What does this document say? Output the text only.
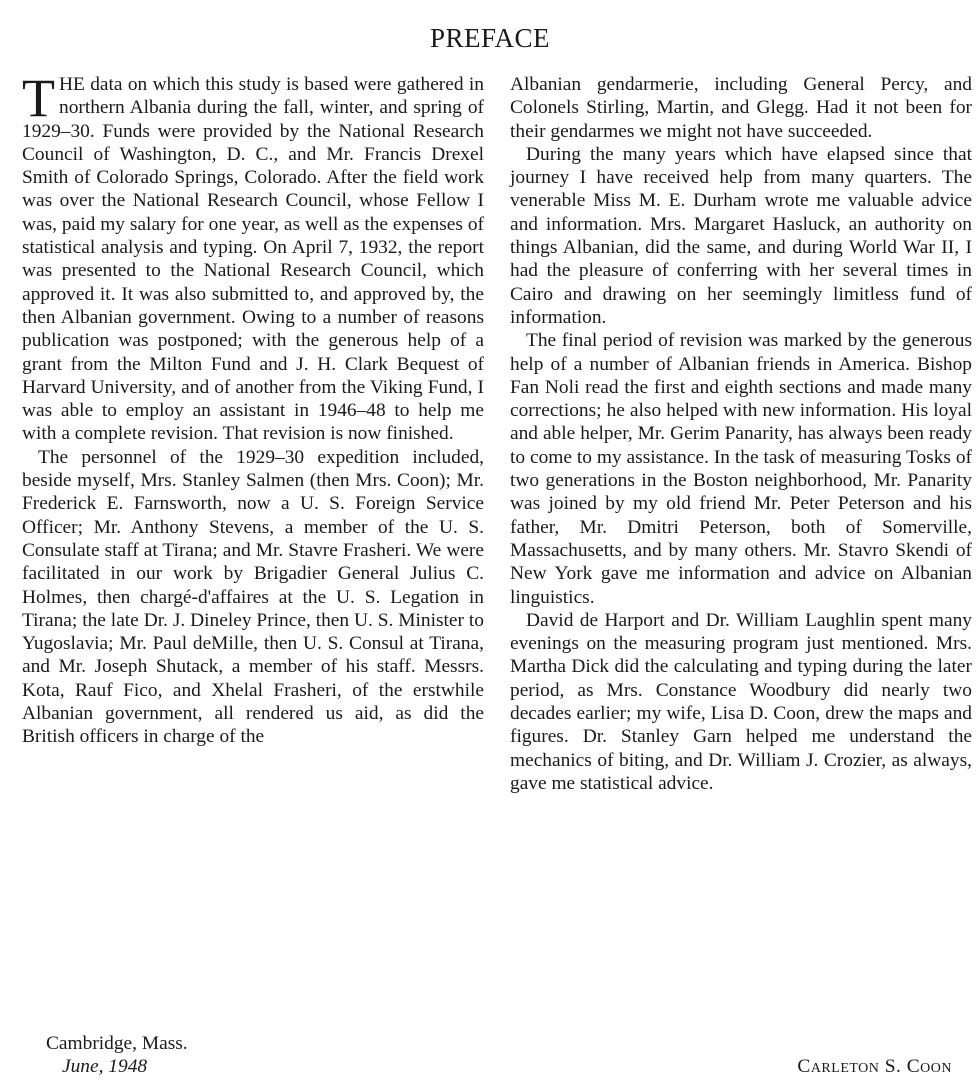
PREFACE

THE data on which this study is based were gathered in northern Albania during the fall, winter, and spring of 1929–30. Funds were provided by the National Research Council of Washington, D. C., and Mr. Francis Drexel Smith of Colorado Springs, Colorado. After the field work was over the National Research Council, whose Fellow I was, paid my salary for one year, as well as the expenses of statistical analysis and typing. On April 7, 1932, the report was presented to the National Research Council, which approved it. It was also submitted to, and approved by, the then Albanian government. Owing to a number of reasons publication was postponed; with the generous help of a grant from the Milton Fund and J. H. Clark Bequest of Harvard University, and of another from the Viking Fund, I was able to employ an assistant in 1946–48 to help me with a complete revision. That revision is now finished.

The personnel of the 1929–30 expedition included, beside myself, Mrs. Stanley Salmen (then Mrs. Coon); Mr. Frederick E. Farnsworth, now a U. S. Foreign Service Officer; Mr. Anthony Stevens, a member of the U. S. Consulate staff at Tirana; and Mr. Stavre Frasheri. We were facilitated in our work by Brigadier General Julius C. Holmes, then chargé-d'affaires at the U. S. Legation in Tirana; the late Dr. J. Dineley Prince, then U. S. Minister to Yugoslavia; Mr. Paul deMille, then U. S. Consul at Tirana, and Mr. Joseph Shutack, a member of his staff. Messrs. Kota, Rauf Fico, and Xhelal Frasheri, of the erstwhile Albanian government, all rendered us aid, as did the British officers in charge of the

Albanian gendarmerie, including General Percy, and Colonels Stirling, Martin, and Glegg. Had it not been for their gendarmes we might not have succeeded.

During the many years which have elapsed since that journey I have received help from many quarters. The venerable Miss M. E. Durham wrote me valuable advice and information. Mrs. Margaret Hasluck, an authority on things Albanian, did the same, and during World War II, I had the pleasure of conferring with her several times in Cairo and drawing on her seemingly limitless fund of information.

The final period of revision was marked by the generous help of a number of Albanian friends in America. Bishop Fan Noli read the first and eighth sections and made many corrections; he also helped with new information. His loyal and able helper, Mr. Gerim Panarity, has always been ready to come to my assistance. In the task of measuring Tosks of two generations in the Boston neighborhood, Mr. Panarity was joined by my old friend Mr. Peter Peterson and his father, Mr. Dmitri Peterson, both of Somerville, Massachusetts, and by many others. Mr. Stavro Skendi of New York gave me information and advice on Albanian linguistics.

David de Harport and Dr. William Laughlin spent many evenings on the measuring program just mentioned. Mrs. Martha Dick did the calculating and typing during the later period, as Mrs. Constance Woodbury did nearly two decades earlier; my wife, Lisa D. Coon, drew the maps and figures. Dr. Stanley Garn helped me understand the mechanics of biting, and Dr. William J. Crozier, as always, gave me statistical advice.

Cambridge, Mass.
June, 1948	Carleton S. Coon
